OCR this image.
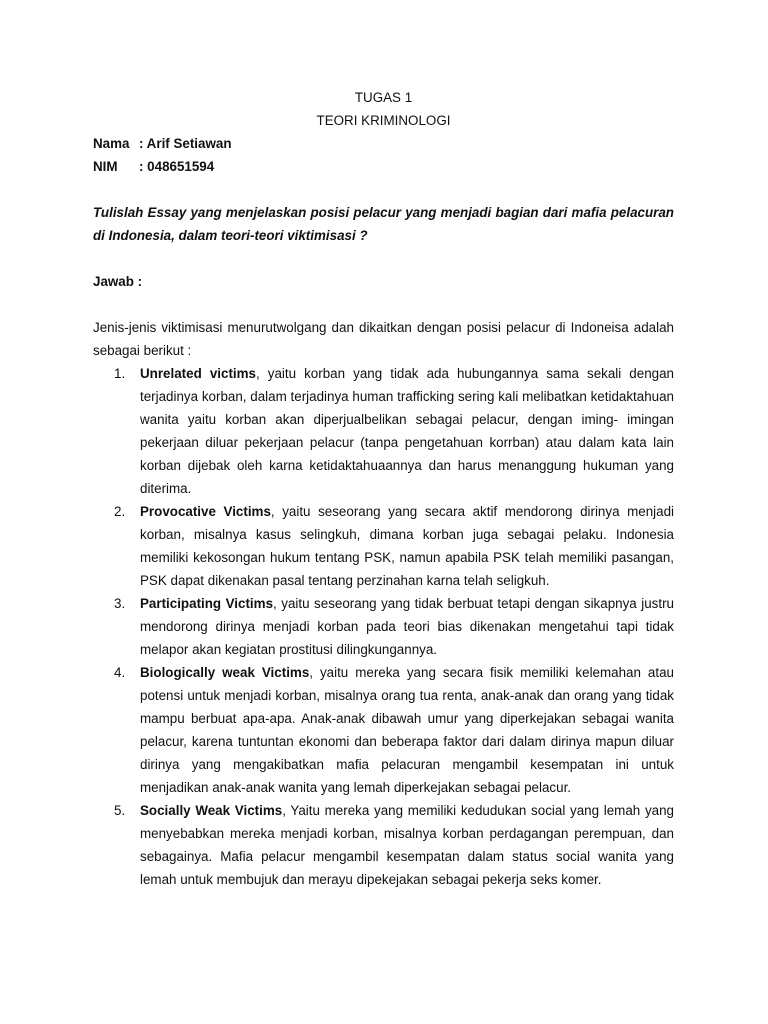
TUGAS 1
TEORI KRIMINOLOGI
Nama : Arif Setiawan
NIM	: 048651594
Tulislah Essay yang menjelaskan posisi pelacur yang menjadi bagian dari mafia pelacuran di Indonesia, dalam teori-teori viktimisasi ?
Jawab :
Jenis-jenis viktimisasi menurutwolgang dan dikaitkan dengan posisi pelacur di Indoneisa adalah sebagai berikut :
1. Unrelated victims, yaitu korban yang tidak ada hubungannya sama sekali dengan terjadinya korban, dalam terjadinya human trafficking sering kali melibatkan ketidaktahuan wanita yaitu korban akan diperjualbelikan sebagai pelacur, dengan iming- imingan pekerjaan diluar pekerjaan pelacur (tanpa pengetahuan korrban) atau dalam kata lain korban dijebak oleh karna ketidaktahuaannya dan harus menanggung hukuman yang diterima.
2. Provocative Victims, yaitu seseorang yang secara aktif mendorong dirinya menjadi korban, misalnya kasus selingkuh, dimana korban juga sebagai pelaku. Indonesia memiliki kekosongan hukum tentang PSK, namun apabila PSK telah memiliki pasangan, PSK dapat dikenakan pasal tentang perzinahan karna telah seligkuh.
3. Participating Victims, yaitu seseorang yang tidak berbuat tetapi dengan sikapnya justru mendorong dirinya menjadi korban pada teori bias dikenakan mengetahui tapi tidak melapor akan kegiatan prostitusi dilingkungannya.
4. Biologically weak Victims, yaitu mereka yang secara fisik memiliki kelemahan atau potensi untuk menjadi korban, misalnya orang tua renta, anak-anak dan orang yang tidak mampu berbuat apa-apa. Anak-anak dibawah umur yang diperkejakan sebagai wanita pelacur, karena tuntuntan ekonomi dan beberapa faktor dari dalam dirinya mapun diluar dirinya yang mengakibatkan mafia pelacuran mengambil kesempatan ini untuk menjadikan anak-anak wanita yang lemah diperkejakan sebagai pelacur.
5. Socially Weak Victims, Yaitu mereka yang memiliki kedudukan social yang lemah yang menyebabkan mereka menjadi korban, misalnya korban perdagangan perempuan, dan sebagainya. Mafia pelacur mengambil kesempatan dalam status social wanita yang lemah untuk membujuk dan merayu dipekejakan sebagai pekerja seks komer.
